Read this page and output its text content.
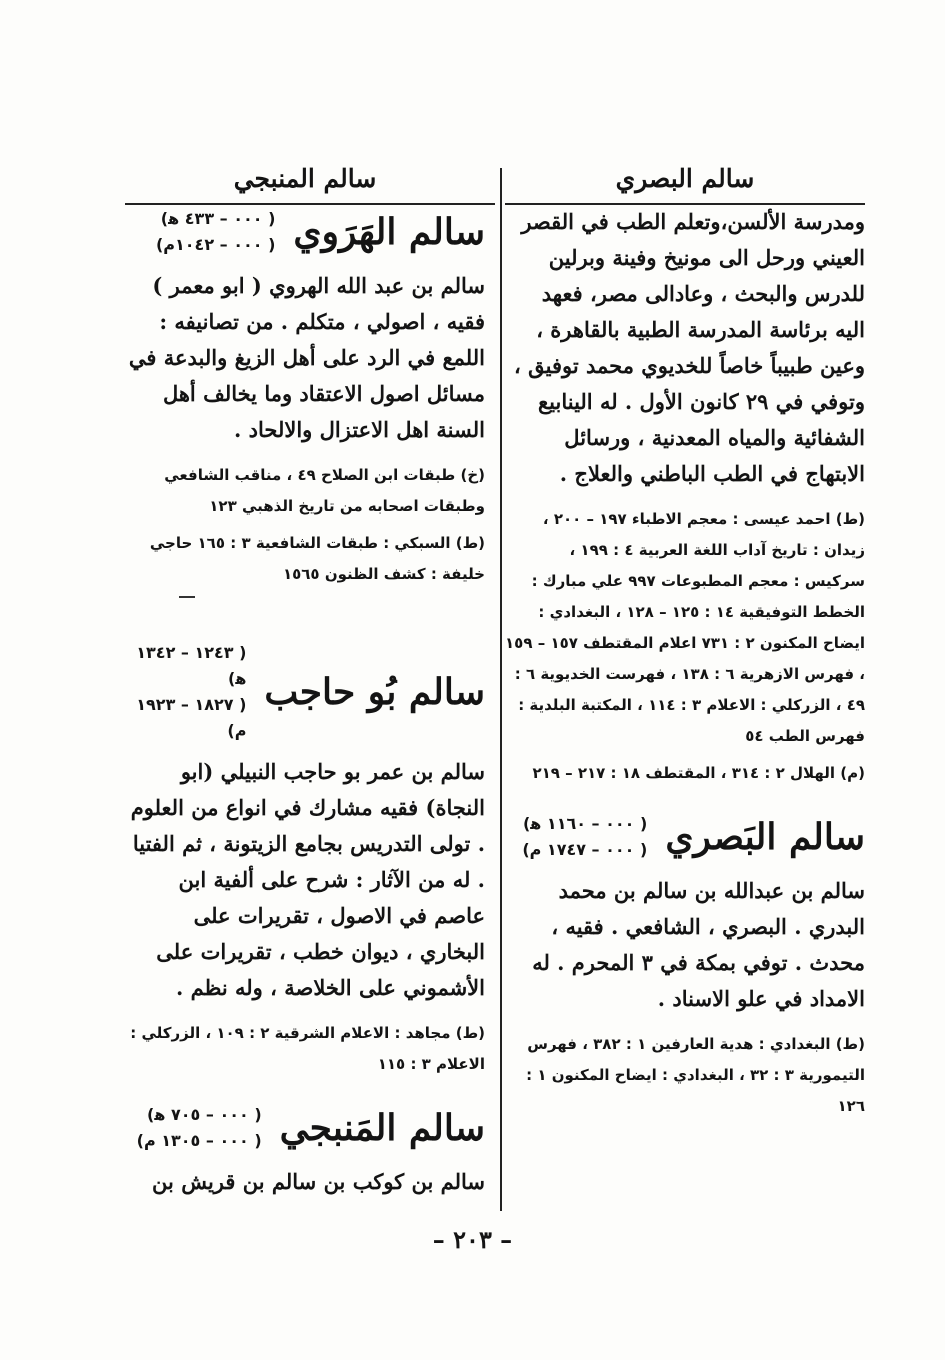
سالم البصري

ومدرسة الألسن،وتعلم الطب في القصر العيني ورحل الى مونيخ وفينة وبرلين للدرس والبحث ، وعادالى مصر، فعهد اليه برئاسة المدرسة الطبية بالقاهرة ، وعين طبيباً خاصاً للخديوي محمد توفيق ، وتوفي في ٢٩ كانون الأول . له الينابيع الشفائية والمياه المعدنية ، ورسائل الابتهاج في الطب الباطني والعلاج .

(ط) احمد عيسى : معجم الاطباء ١٩٧ – ٢٠٠ ، زيدان : تاريخ آداب اللغة العربية ٤ : ١٩٩ ، سركيس : معجم المطبوعات ٩٩٧ علي مبارك : الخطط التوفيقية ١٤ : ١٢٥ – ١٢٨ ، البغدادي : ايضاح المكنون ٢ : ٧٣١ اعلام المقتطف ١٥٧ – ١٥٩ ، فهرس الازهرية ٦ : ١٣٨ ، فهرست الخديوية ٦ : ٤٩ ، الزركلي : الاعلام ٣ : ١١٤ ، المكتبة البلدية : فهرس الطب ٥٤

(م) الهلال ٢ : ٣١٤ ، المقتطف ١٨ : ٢١٧ – ٢١٩

سالم البَصري
( ٠٠٠ – ١١٦٠ ﻫ)
( ٠٠٠ – ١٧٤٧ م)

سالم بن عبدالله بن سالم بن محمد البدري . البصري ، الشافعي . فقيه ، محدث . توفي بمكة في ٣ المحرم . له الامداد في علو الاسناد .

(ط) البغدادي : هدية العارفين ١ : ٣٨٢ ، فهرس التيمورية ٣ : ٣٢ ، البغدادي : ايضاح المكنون ١ : ١٢٦

سالم المنبجي
سالم الهَرَوي
( ٠٠٠ – ٤٣٣ ﻫ)
( ٠٠٠ – ١٠٤٢م)

سالم بن عبد الله الهروي ( ابو معمر ) فقيه ، اصولي ، متكلم . من تصانيفه : اللمع في الرد على أهل الزيغ والبدعة في مسائل اصول الاعتقاد وما يخالف أهل السنة اهل الاعتزال والالحاد .

(خ) طبقات ابن الصلاح ٤٩ ، مناقب الشافعي وطبقات اصحابه من تاريخ الذهبي ١٢٣

(ط) السبكي : طبقات الشافعية ٣ : ١٦٥ حاجي خليفة : كشف الظنون ١٥٦٥

سالم بُو حاجب
( ١٢٤٣ – ١٣٤٢ ﻫ)
( ١٨٢٧ – ١٩٢٣ م)

سالم بن عمر بو حاجب النبيلي (ابو النجاة) فقيه مشارك في انواع من العلوم . تولى التدريس بجامع الزيتونة ، ثم الفتيا . له من الآثار : شرح على ألفية ابن عاصم في الاصول ، تقريرات على البخاري ، ديوان خطب ، تقريرات على الأشموني على الخلاصة ، وله نظم .

(ط) مجاهد : الاعلام الشرقية ٢ : ١٠٩ ، الزركلي : الاعلام ٣ : ١١٥

سالم المَنبجي
( ٠٠٠ – ٧٠٥ ﻫ)
( ٠٠٠ – ١٣٠٥ م)

سالم بن كوكب بن سالم بن قريش بن

– ٢٠٣ –
